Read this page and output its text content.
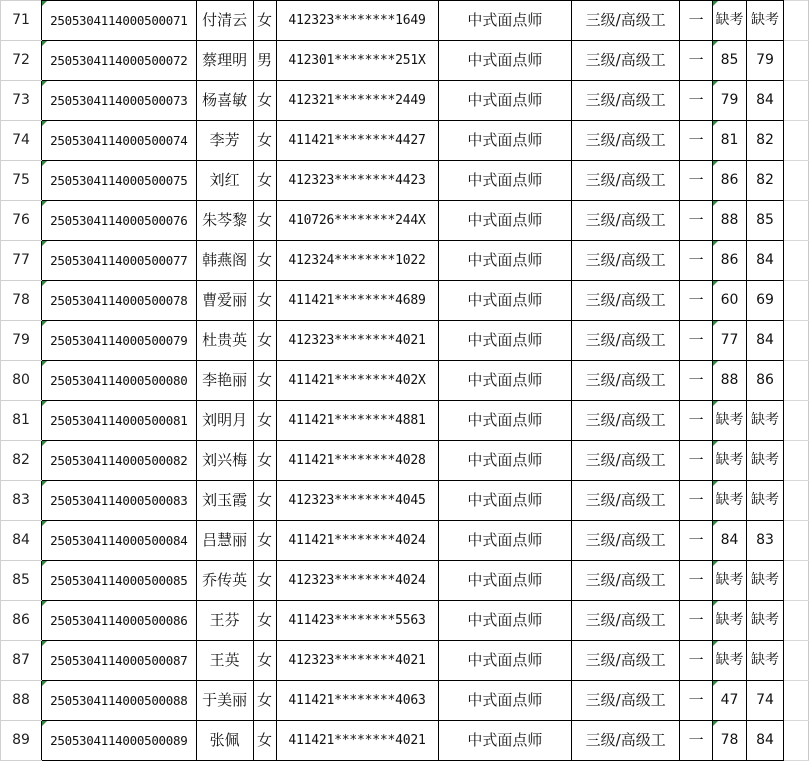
71	2505304114000500071	付清云	女	412323********1649	中式面点师	三级/高级工	一	缺考	缺考	
72	2505304114000500072	蔡理明	男	412301********251X	中式面点师	三级/高级工	一	85	79	
73	2505304114000500073	杨喜敏	女	412321********2449	中式面点师	三级/高级工	一	79	84	
74	2505304114000500074	李芳	女	411421********4427	中式面点师	三级/高级工	一	81	82	
75	2505304114000500075	刘红	女	412323********4423	中式面点师	三级/高级工	一	86	82	
76	2505304114000500076	朱芩黎	女	410726********244X	中式面点师	三级/高级工	一	88	85	
77	2505304114000500077	韩燕阁	女	412324********1022	中式面点师	三级/高级工	一	86	84	
78	2505304114000500078	曹爱丽	女	411421********4689	中式面点师	三级/高级工	一	60	69	
79	2505304114000500079	杜贵英	女	412323********4021	中式面点师	三级/高级工	一	77	84	
80	2505304114000500080	李艳丽	女	411421********402X	中式面点师	三级/高级工	一	88	86	
81	2505304114000500081	刘明月	女	411421********4881	中式面点师	三级/高级工	一	缺考	缺考	
82	2505304114000500082	刘兴梅	女	411421********4028	中式面点师	三级/高级工	一	缺考	缺考	
83	2505304114000500083	刘玉霞	女	412323********4045	中式面点师	三级/高级工	一	缺考	缺考	
84	2505304114000500084	吕慧丽	女	411421********4024	中式面点师	三级/高级工	一	84	83	
85	2505304114000500085	乔传英	女	412323********4024	中式面点师	三级/高级工	一	缺考	缺考	
86	2505304114000500086	王芬	女	411423********5563	中式面点师	三级/高级工	一	缺考	缺考	
87	2505304114000500087	王英	女	412323********4021	中式面点师	三级/高级工	一	缺考	缺考	
88	2505304114000500088	于美丽	女	411421********4063	中式面点师	三级/高级工	一	47	74	
89	2505304114000500089	张佩	女	411421********4021	中式面点师	三级/高级工	一	78	84	
